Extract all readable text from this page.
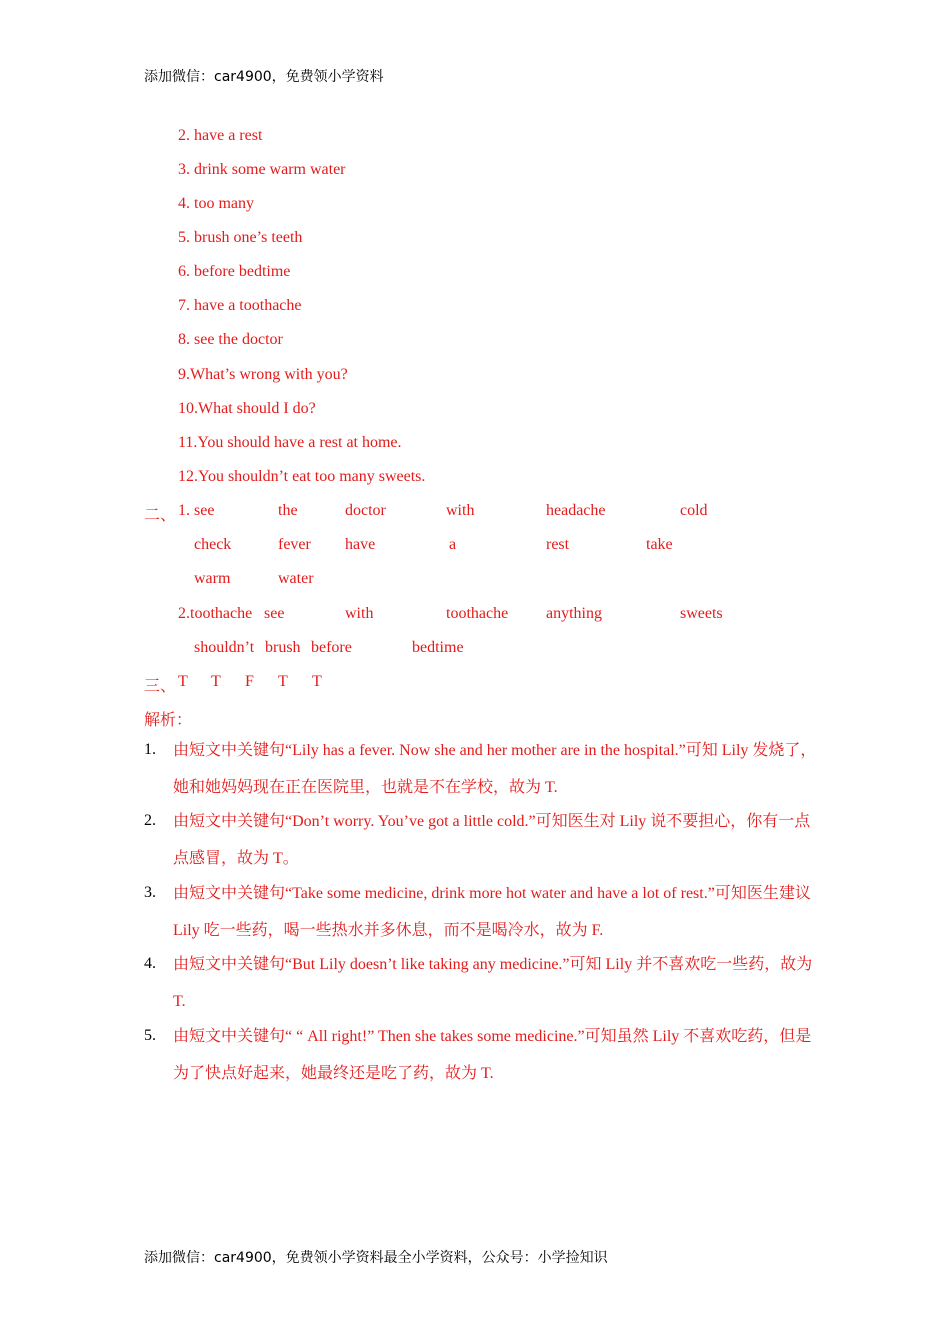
添加微信：car4900，免费领小学资料
2. have a rest
3. drink some warm water
4. too many
5. brush one’s teeth
6. before bedtime
7. have a toothache
8. see the doctor
9.What’s wrong with you?
10.What should I do?
11.You should have a rest at home.
12.You shouldn’t eat too many sweets.
二、 1. see	the	doctor	with	headache	cold
check	fever have	a	rest	take
warm	water
2.toothache see	with	toothache anything	sweets
shouldn’t brush before	bedtime
三、 T T F T T
解析：
1. 由短文中关键句“Lily has a fever. Now she and her mother are in the hospital.”可知 Lily 发烧了，她和她妈妈现在正在医院里，也就是不在学校，故为 T.
2. 由短文中关键句“Don’t worry. You’ve got a little cold.”可知医生对 Lily 说不要担心，你有一点点感冒，故为 T。
3. 由短文中关键句“Take some medicine, drink more hot water and have a lot of rest.”可知医生建议 Lily 吃一些药，喝一些热水并多休息，而不是喝冷水，故为 F.
4. 由短文中关键句“But Lily doesn’t like taking any medicine.”可知 Lily 并不喜欢吃一些药，故为 T.
5. 由短文中关键句“ “ All right!” Then she takes some medicine.”可知虽然 Lily 不喜欢吃药，但是为了快点好起来，她最终还是吃了药，故为 T.
添加微信：car4900，免费领小学资料最全小学资料，公众号：小学捡知识
